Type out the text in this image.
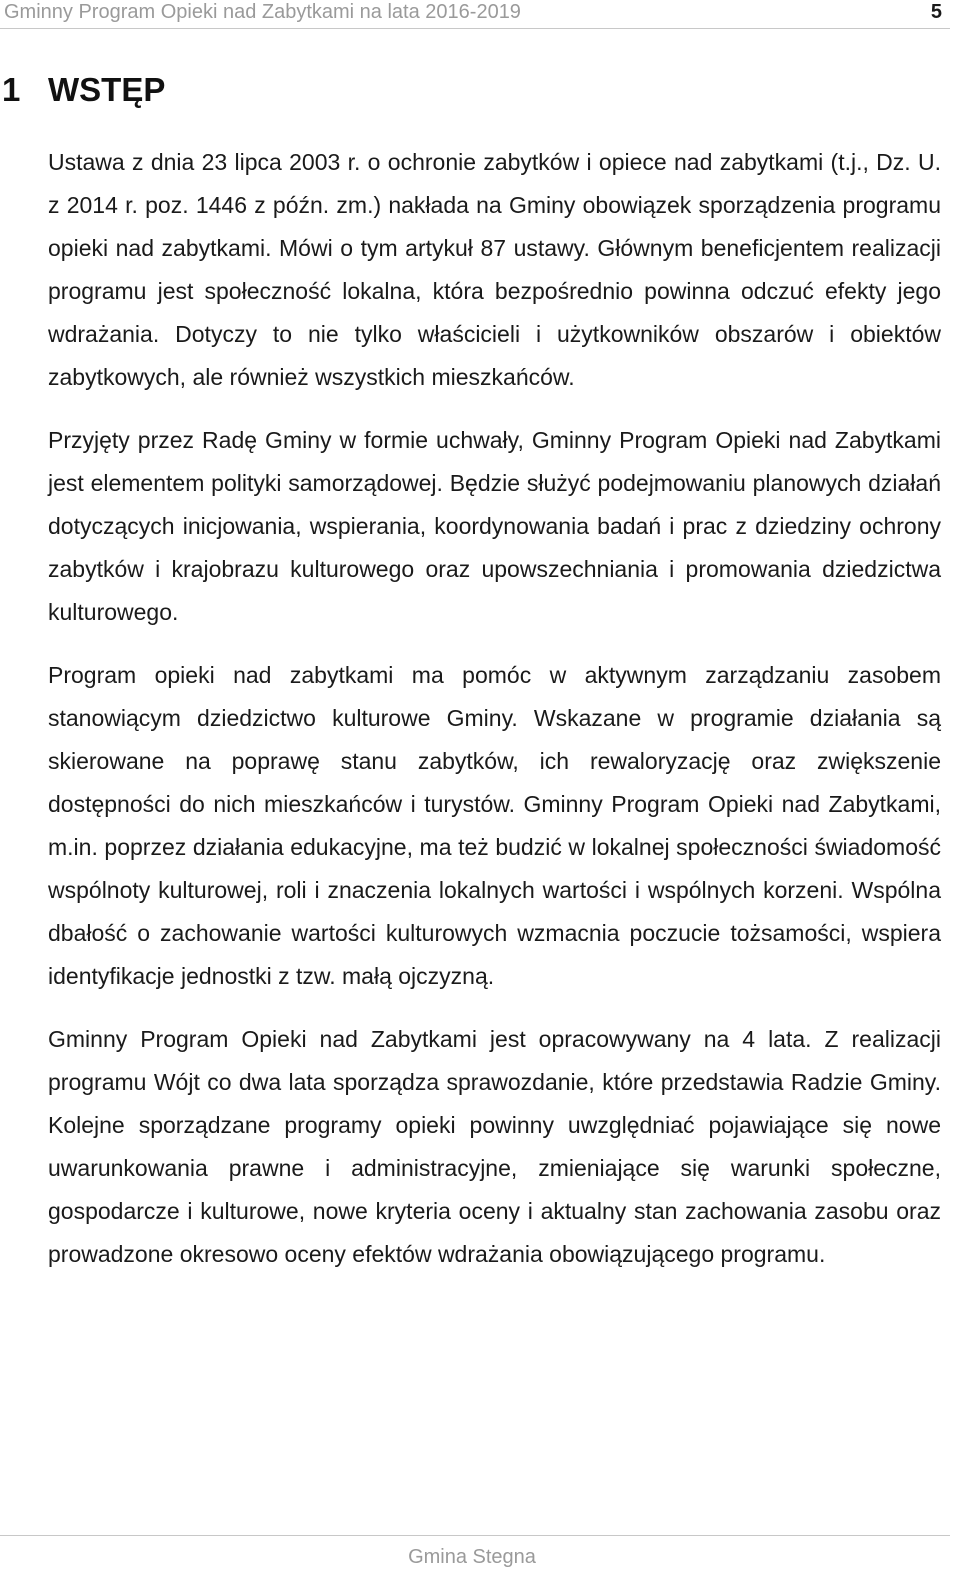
Gminny Program Opieki nad Zabytkami na lata 2016-2019	5
1 WSTĘP

Ustawa z dnia 23 lipca 2003 r. o ochronie zabytków i opiece nad zabytkami (t.j., Dz. U. z 2014 r. poz. 1446 z późn. zm.) nakłada na Gminy obowiązek sporządzenia programu opieki nad zabytkami. Mówi o tym artykuł 87 ustawy. Głównym beneficjentem realizacji programu jest społeczność lokalna, która bezpośrednio powinna odczuć efekty jego wdrażania. Dotyczy to nie tylko właścicieli i użytkowników obszarów i obiektów zabytkowych, ale również wszystkich mieszkańców.

Przyjęty przez Radę Gminy w formie uchwały, Gminny Program Opieki nad Zabytkami jest elementem polityki samorządowej. Będzie służyć podejmowaniu planowych działań dotyczących inicjowania, wspierania, koordynowania badań i prac z dziedziny ochrony zabytków i krajobrazu kulturowego oraz upowszechniania i promowania dziedzictwa kulturowego.

Program opieki nad zabytkami ma pomóc w aktywnym zarządzaniu zasobem stanowiącym dziedzictwo kulturowe Gminy. Wskazane w programie działania są skierowane na poprawę stanu zabytków, ich rewaloryzację oraz zwiększenie dostępności do nich mieszkańców i turystów. Gminny Program Opieki nad Zabytkami, m.in. poprzez działania edukacyjne, ma też budzić w lokalnej społeczności świadomość wspólnoty kulturowej, roli i znaczenia lokalnych wartości i wspólnych korzeni. Wspólna dbałość o zachowanie wartości kulturowych wzmacnia poczucie tożsamości, wspiera identyfikacje jednostki z tzw. małą ojczyzną.

Gminny Program Opieki nad Zabytkami jest opracowywany na 4 lata. Z realizacji programu Wójt co dwa lata sporządza sprawozdanie, które przedstawia Radzie Gminy. Kolejne sporządzane programy opieki powinny uwzględniać pojawiające się nowe uwarunkowania prawne i administracyjne, zmieniające się warunki społeczne, gospodarcze i kulturowe, nowe kryteria oceny i aktualny stan zachowania zasobu oraz prowadzone okresowo oceny efektów wdrażania obowiązującego programu.

Gmina Stegna
